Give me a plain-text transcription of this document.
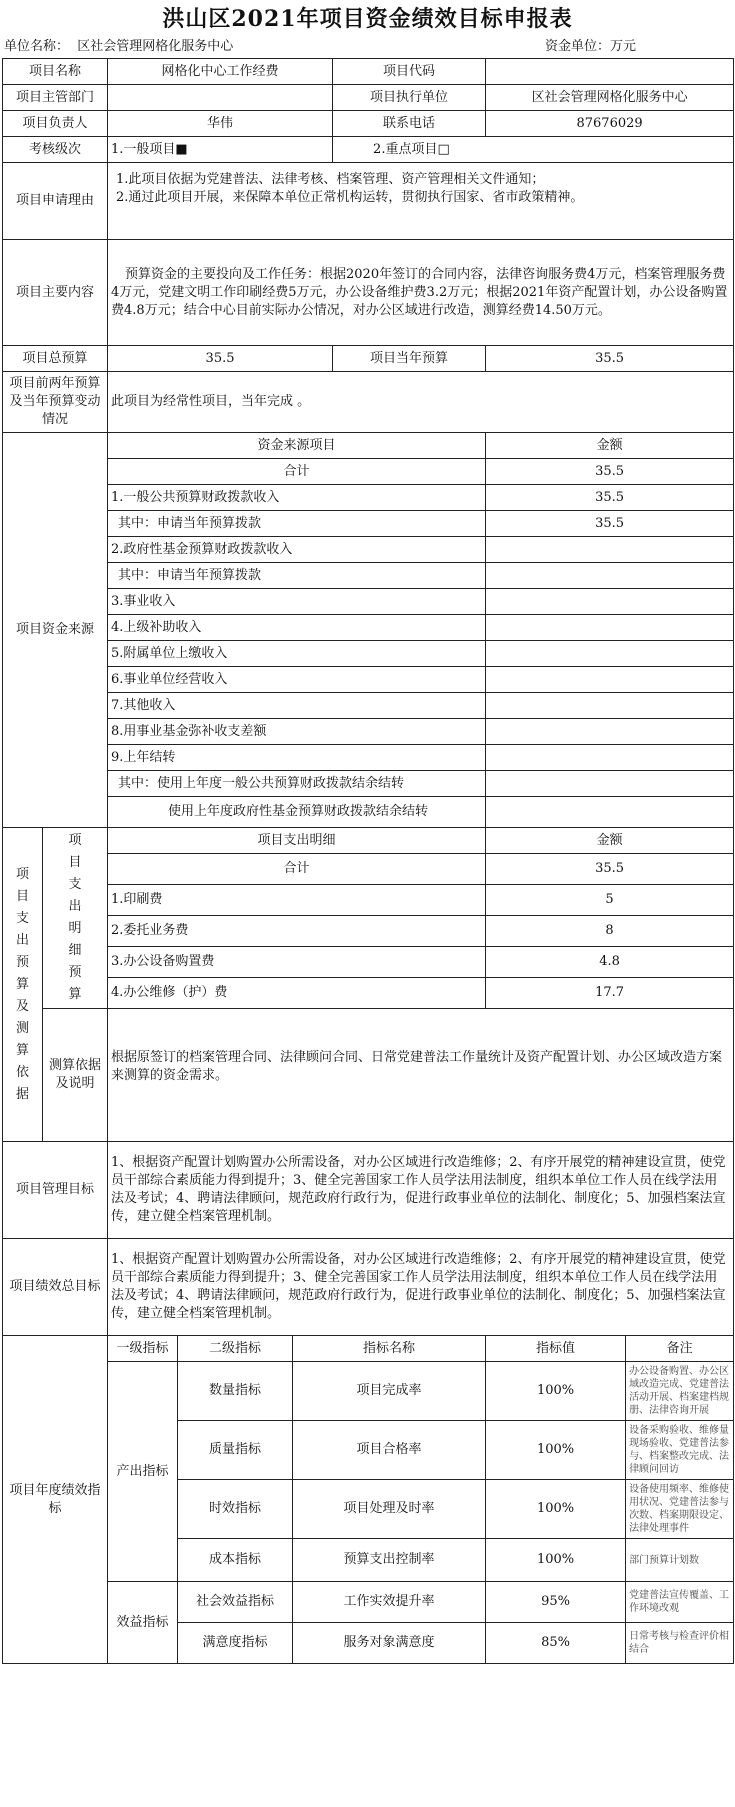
洪山区2021年项目资金绩效目标申报表
单位名称： 区社会管理网格化服务中心	资金单位：万元
项目名称		网格化中心工作经费			项目代码		
项目主管部门					项目执行单位	区社会管理网格化服务中心	
项目负责人		华伟			联系电话	87676029	
考核级次		1.一般项目■			2.重点项目□		
项目申请理由		1.此项目依据为党建普法、法律考核、档案管理、资产管理相关文件通知；
2.通过此项目开展，来保障本单位正常机构运转，贯彻执行国家、省市政策精神。					

项目主要内容		预算资金的主要投向及工作任务：根据2020年签订的合同内容，法律咨询服务费4万元，档案管理服务费4万元，党建文明工作印刷经费5万元，办公设备维护费3.2万元；根据2021年资产配置计划，办公设备购置费4.8万元；结合中心目前实际办公情况，对办公区域进行改造，测算经费14.50万元。					
项目总预算		35.5			项目当年预算	35.5	
项目前两年预算及当年预算变动情况		此项目为经常性项目，当年完成 。					
项目资金来源		资金来源项目				金额	
		合计				35.5	
		1.一般公共预算财政拨款收入				35.5	
		其中：申请当年预算拨款				35.5	
		2.政府性基金预算财政拨款收入					
		其中：申请当年预算拨款					
		3.事业收入					
		4.上级补助收入					
		5.附属单位上缴收入					
		6.事业单位经营收入					
		7.其他收入					
		8.用事业基金弥补收支差额					
		9.上年结转					
		其中：使用上年度一般公共预算财政拨款结余结转					
		使用上年度政府性基金预算财政拨款结余结转					

项目支出预算及测算依据	项目支出明细预算	项目支出明细				金额	
		合计				35.5	
		1.印刷费				5	
		2.委托业务费				8	
		3.办公设备购置费				4.8	
		4.办公维修（护）费				17.7	
	测算依据及说明	根据原签订的档案管理合同、法律顾问合同、日常党建普法工作量统计及资产配置计划、办公区域改造方案来测算的资金需求。					
项目管理目标		1、根据资产配置计划购置办公所需设备，对办公区域进行改造维修；2、有序开展党的精神建设宣贯，使党员干部综合素质能力得到提升；3、健全完善国家工作人员学法用法制度，组织本单位工作人员在线学法用法及考试；4、聘请法律顾问，规范政府行政行为，促进行政事业单位的法制化、制度化；5、加强档案法宣传，建立健全档案管理机制。					
项目绩效总目标		1、根据资产配置计划购置办公所需设备，对办公区域进行改造维修；2、有序开展党的精神建设宣贯，使党员干部综合素质能力得到提升；3、健全完善国家工作人员学法用法制度，组织本单位工作人员在线学法用法及考试；4、聘请法律顾问，规范政府行政行为，促进行政事业单位的法制化、制度化；5、加强档案法宣传，建立健全档案管理机制。					
项目年度绩效指标		一级指标	二级指标	指标名称		指标值	备注
		产出指标	数量指标	项目完成率		100%	办公设备购置、办公区域改造完成、党建普法活动开展、档案建档规册、法律咨询开展
			质量指标	项目合格率		100%	设备采购验收、维修量现场验收、党建普法参与、档案整改完成、法律顾问回访
			时效指标	项目处理及时率		100%	设备使用频率、维修使用状况、党建普法参与次数、档案期限设定、法律处理事件
			成本指标	预算支出控制率		100%	部门预算计划数
		效益指标	社会效益指标	工作实效提升率		95%	党建普法宣传覆盖、工作环境改观
			满意度指标	服务对象满意度		85%	日常考核与检查评价相结合
